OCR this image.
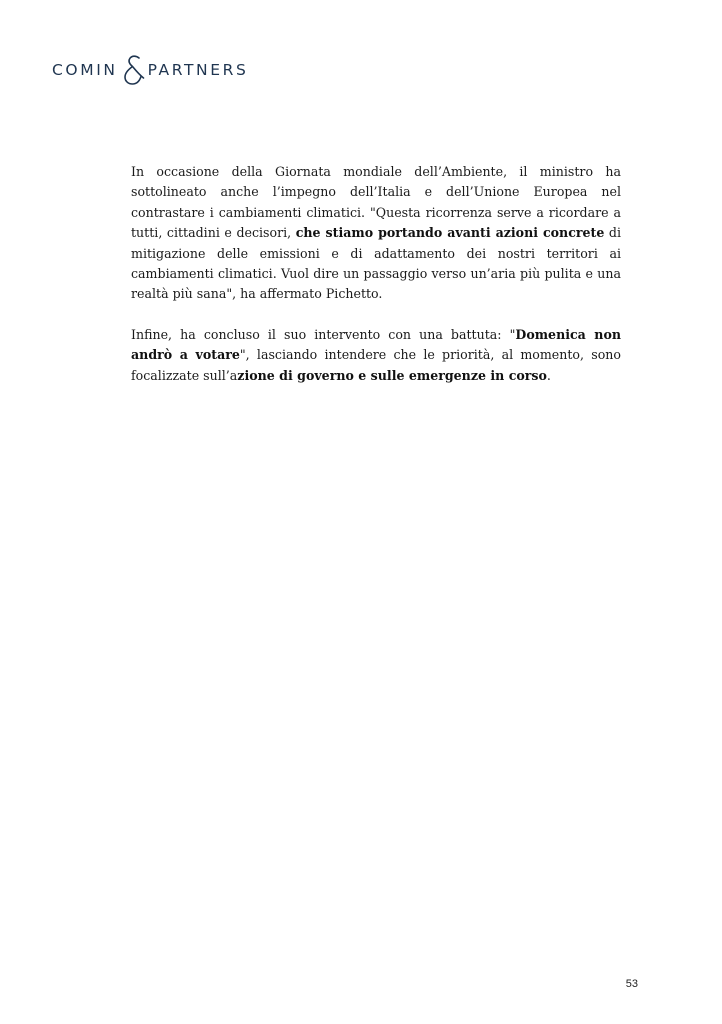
COMIN PARTNERS

In occasione della Giornata mondiale dell’Ambiente, il ministro ha sottolineato anche l’impegno dell’Italia e dell’Unione Europea nel contrastare i cambiamenti climatici. "Questa ricorrenza serve a ricordare a tutti, cittadini e decisori, che stiamo portando avanti azioni concrete di mitigazione delle emissioni e di adattamento dei nostri territori ai cambiamenti climatici. Vuol dire un passaggio verso un’aria più pulita e una realtà più sana", ha affermato Pichetto.

Infine, ha concluso il suo intervento con una battuta: "Domenica non andrò a votare", lasciando intendere che le priorità, al momento, sono focalizzate sull’azione di governo e sulle emergenze in corso.

53
